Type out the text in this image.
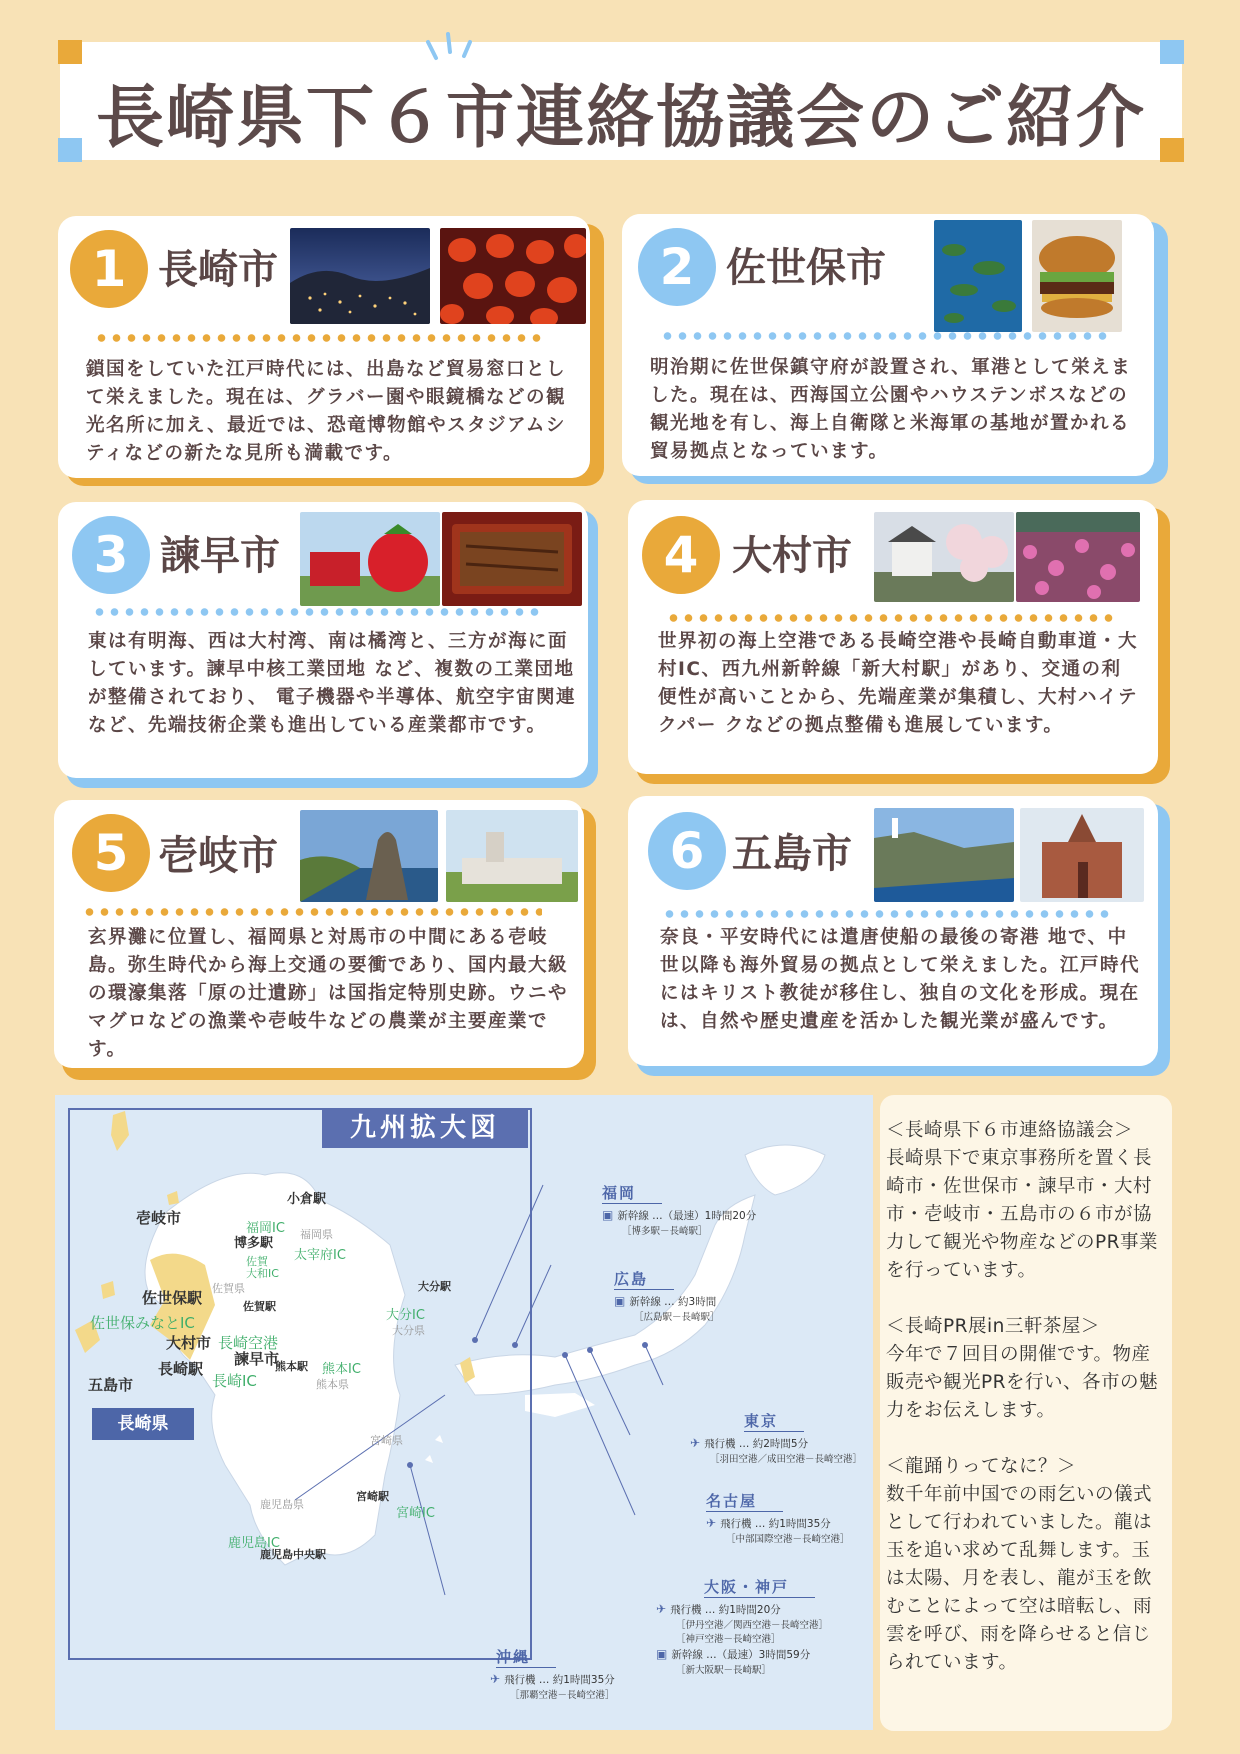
長崎県下６市連絡協議会のご紹介
1 長崎市
鎖国をしていた江戸時代には、出島など貿易窓口として栄えました。現在は、グラバー園や眼鏡橋などの観光名所に加え、最近では、恐竜博物館やスタジアムシティなどの新たな見所も満載です。
2 佐世保市
明治期に佐世保鎮守府が設置され、軍港として栄えました。現在は、西海国立公園やハウステンボスなどの観光地を有し、海上自衛隊と米海軍の基地が置かれる貿易拠点となっています。
3 諫早市
東は有明海、西は大村湾、南は橘湾と、三方が海に面しています。諫早中核工業団地 など、複数の工業団地が整備されており、 電子機器や半導体、航空宇宙関連など、先端技術企業も進出している産業都市です。
4 大村市
世界初の海上空港である長崎空港や長崎自動車道・大村IC、西九州新幹線「新大村駅」があり、交通の利便性が高いことから、先端産業が集積し、大村ハイテクパー クなどの拠点整備も進展しています。
5 壱岐市
玄界灘に位置し、福岡県と対馬市の中間にある壱岐島。弥生時代から海上交通の要衝であり、国内最大級の環濠集落「原の辻遺跡」は国指定特別史跡。ウニやマグロなどの漁業や壱岐牛などの農業が主要産業です。
6 五島市
奈良・平安時代には遣唐使船の最後の寄港 地で、中世以降も海外貿易の拠点として栄えました。江戸時代にはキリスト教徒が移住し、独自の文化を形成。現在は、自然や歴史遺産を活かした観光業が盛んです。
九州拡大図
長崎県
壱岐市
小倉駅
福岡IC 福岡県
博多駅
太宰府IC
佐賀
大和IC
佐賀県
佐賀駅
佐世保駅
佐世保みなとIC
大村市 長崎空港
諫早市
長崎駅
長崎IC
五島市
熊本駅 熊本IC
熊本県
大分駅
大分IC
大分県
宮崎県
宮崎駅
宮崎IC
鹿児島県
鹿児島IC
鹿児島中央駅
福岡
▣ 新幹線 …（最速）1時間20分
［博多駅－長崎駅］
広島
▣ 新幹線 … 約3時間
［広島駅－長崎駅］
東京
✈ 飛行機 … 約2時間5分
［羽田空港／成田空港－長崎空港］
名古屋
✈ 飛行機 … 約1時間35分
［中部国際空港－長崎空港］
大阪・神戸
✈ 飛行機 … 約1時間20分
［伊丹空港／関西空港－長崎空港］
［神戸空港－長崎空港］
▣ 新幹線 …（最速）3時間59分
［新大阪駅－長崎駅］
沖縄
✈ 飛行機 … 約1時間35分
［那覇空港－長崎空港］

＜長崎県下６市連絡協議会＞

長崎県下で東京事務所を置く長崎市・佐世保市・諫早市・大村市・壱岐市・五島市の６市が協力して観光や物産などのPR事業を行っています。

＜長崎PR展in三軒茶屋＞

今年で７回目の開催です。物産販売や観光PRを行い、各市の魅力をお伝えします。

＜龍踊りってなに？＞

数千年前中国での雨乞いの儀式として行われていました。龍は玉を追い求めて乱舞します。玉は太陽、月を表し、龍が玉を飲むことによって空は暗転し、雨雲を呼び、雨を降らせると信じられています。
